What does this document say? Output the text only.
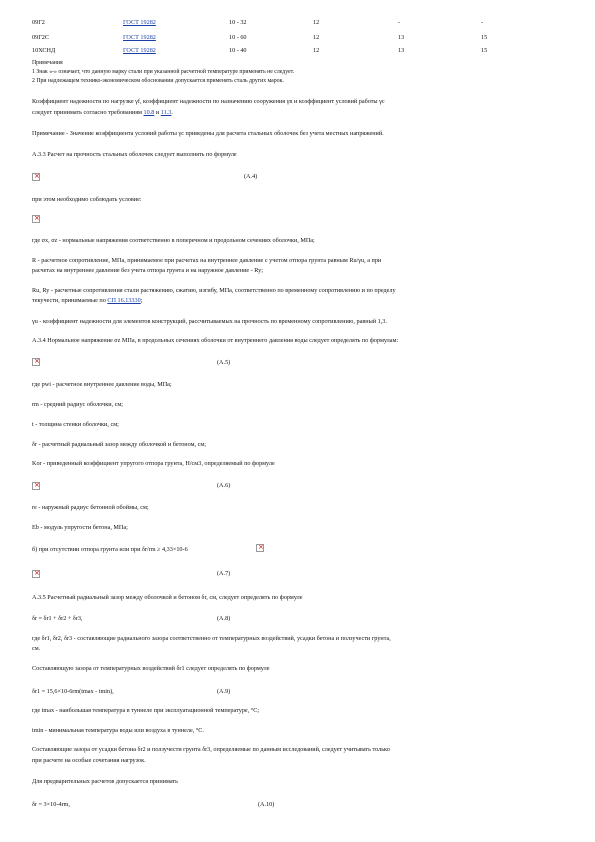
09Г2	ГОСТ 19282	10 - 32	12	-	-
09Г2С	ГОСТ 19282	10 - 60	12	13	15
10ХСНД	ГОСТ 19282	10 - 40	12	13	15
Примечания
1 Знак «-» означает, что данную марку стали при указанной расчетной температуре применять не следует.
2 При надлежащем технико-экономическом обосновании допускается применять сталь других марок.
Коэффициент надежности по нагрузке γf, коэффициент надежности по назначению сооружения γn и коэффициент условий работы γc
следует принимать согласно требованиям 10.8 и 11.3.
Примечание - Значение коэффициента условий работы γc приведены для расчета стальных оболочек без учета местных напряжений.
А.3.3 Расчет на прочность стальных оболочек следует выполнять по формуле
×
(А.4)
при этом необходимо соблюдать условие:
×
где σx, σz - нормальные напряжения соответственно в поперечном и продольном сечениях оболочки, МПа;
R - расчетное сопротивление, МПа, принимаемое при расчетах на внутреннее давление с учетом отпора грунта равным Ru/γu, а при
расчетах на внутреннее давление без учета отпора грунта и на наружное давление - Ry;
Ru, Ry - расчетные сопротивления стали растяжению, сжатию, изгибу, МПа, соответственно по временному сопротивлению и по пределу
текучести, принимаемые по СП 16.13330;
γu - коэффициент надежности для элементов конструкций, рассчитываемых на прочность по временному сопротивлению, равный 1,3.
А.3.4 Нормальное напряжение σz МПа, в продольных сечениях оболочки от внутреннего давления воды следует определять по формулам:
×
(А.5)
где pwi - расчетное внутреннее давление воды, МПа;
rm - средний радиус оболочки, см;
t - толщина стенки оболочки, см;
δr - расчетный радиальный зазор между оболочкой и бетоном, см;
Kor - приведенный коэффициент упругого отпора грунта, Н/см3, определяемый по формуле
×
(А.6)
re - наружный радиус бетонной обоймы, см;
Eb - модуль упругости бетона, МПа;
б) при отсутствии отпора грунта или при δr/rm ≥ 4,33×10-6
×
×
(А.7)
А.3.5 Расчетный радиальный зазор между оболочкой и бетоном δr, см, следует определять по формуле
δr = δr1 + δr2 + δr3,	(А.8)
где δr1, δr2, δr3 - составляющие радиального зазора соответственно от температурных воздействий, усадки бетона и ползучести грунта,
см.
Составляющую зазора от температурных воздействий δr1 следует определять по формуле
δr1 = 15,6×10-6rm(tmax - tmin),	(А.9)
где tmax - наибольшая температура в туннеле при эксплуатационной температуре, °С;
tmin - минимальная температура воды или воздуха в туннеле, °С.
Составляющие зазора от усадки бетона δr2 и ползучести грунта δr3, определяемые по данным исследований, следует учитывать только
при расчете на особые сочетания нагрузок.
Для предварительных расчетов допускается принимать
δr = 3×10-4rm,	(А.10)
